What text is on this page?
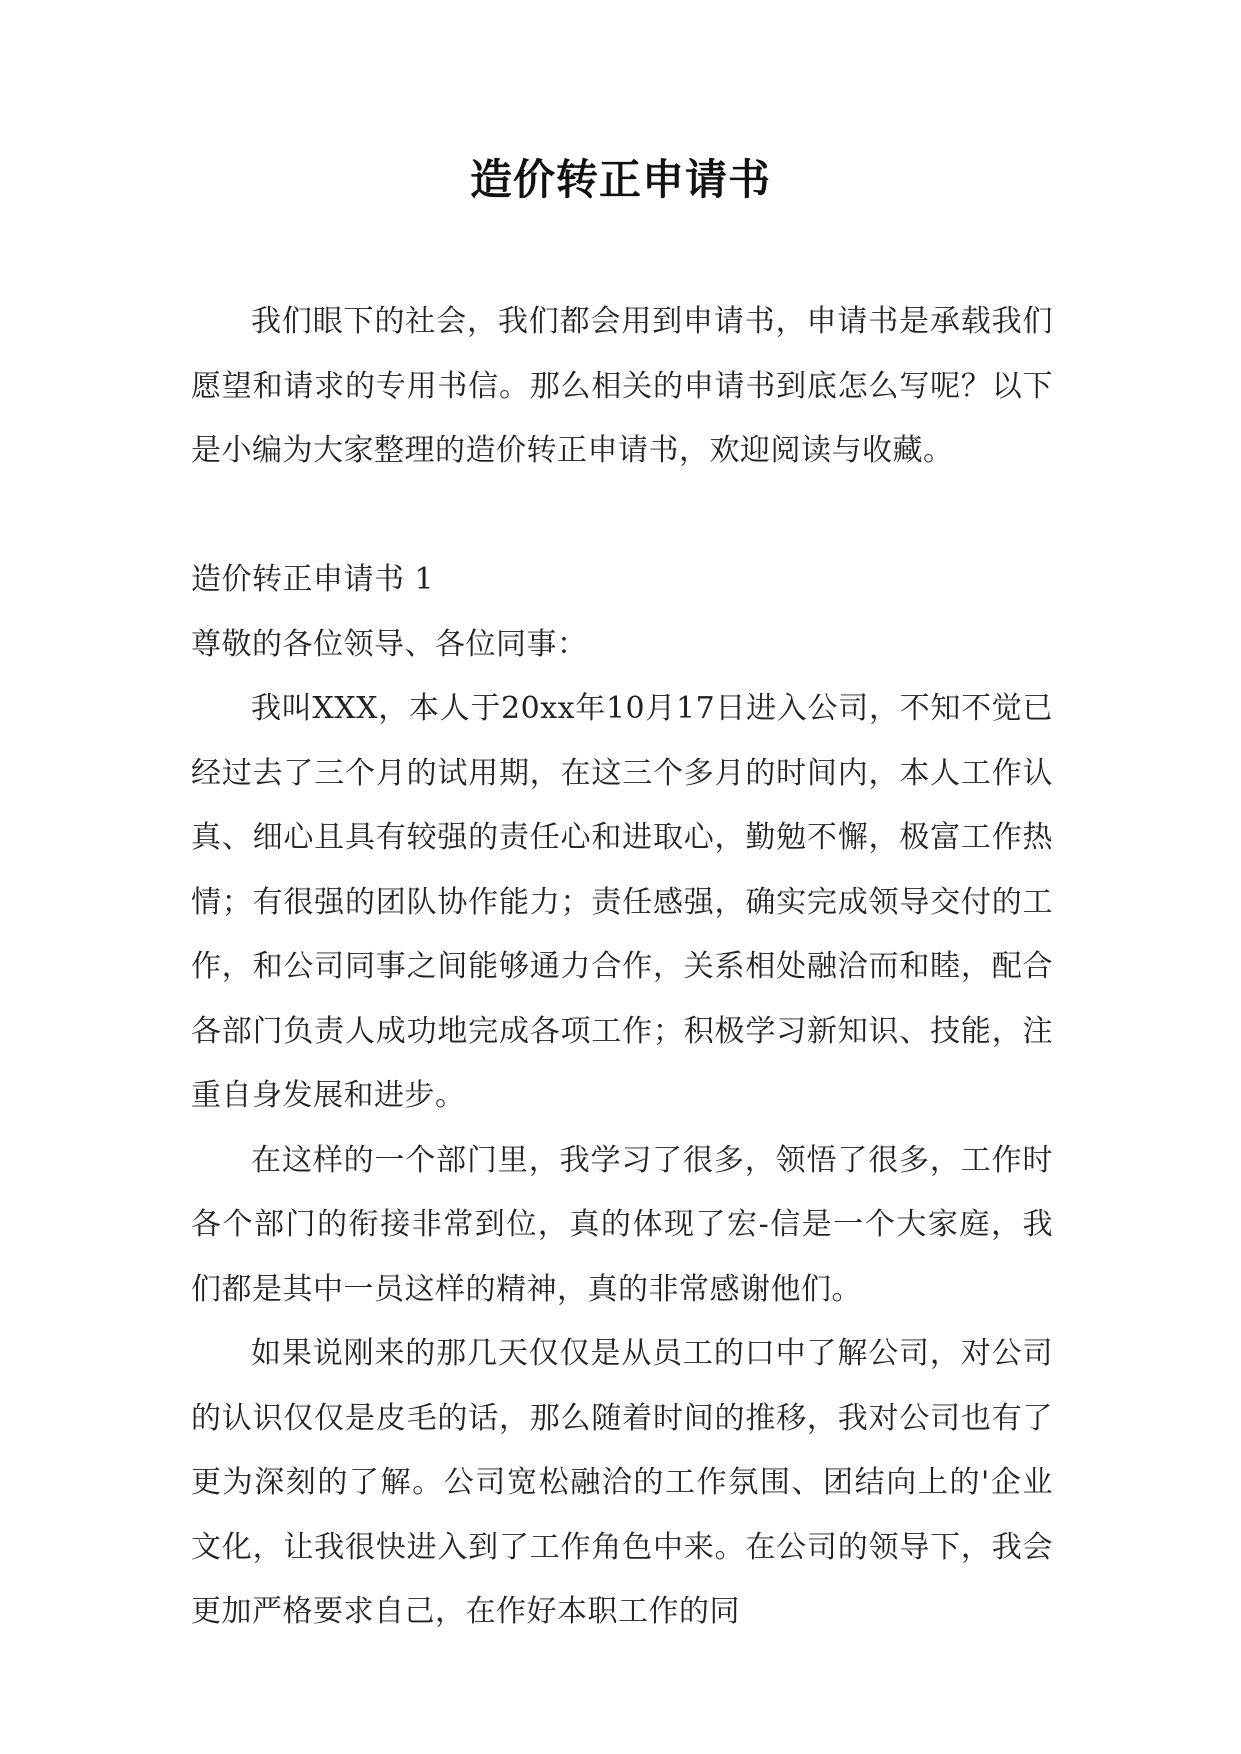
造价转正申请书

我们眼下的社会，我们都会用到申请书，申请书是承载我们愿望和请求的专用书信。那么相关的申请书到底怎么写呢？以下是小编为大家整理的造价转正申请书，欢迎阅读与收藏。

造价转正申请书 1

尊敬的各位领导、各位同事：

我叫XXX，本人于20xx年10月17日进入公司，不知不觉已经过去了三个月的试用期，在这三个多月的时间内，本人工作认真、细心且具有较强的责任心和进取心，勤勉不懈，极富工作热情；有很强的团队协作能力；责任感强，确实完成领导交付的工作，和公司同事之间能够通力合作，关系相处融洽而和睦，配合各部门负责人成功地完成各项工作；积极学习新知识、技能，注重自身发展和进步。

在这样的一个部门里，我学习了很多，领悟了很多，工作时各个部门的衔接非常到位，真的体现了宏-信是一个大家庭，我们都是其中一员这样的精神，真的非常感谢他们。

如果说刚来的那几天仅仅是从员工的口中了解公司，对公司的认识仅仅是皮毛的话，那么随着时间的推移，我对公司也有了更为深刻的了解。公司宽松融洽的工作氛围、团结向上的'企业文化，让我很快进入到了工作角色中来。在公司的领导下，我会更加严格要求自己，在作好本职工作的同
